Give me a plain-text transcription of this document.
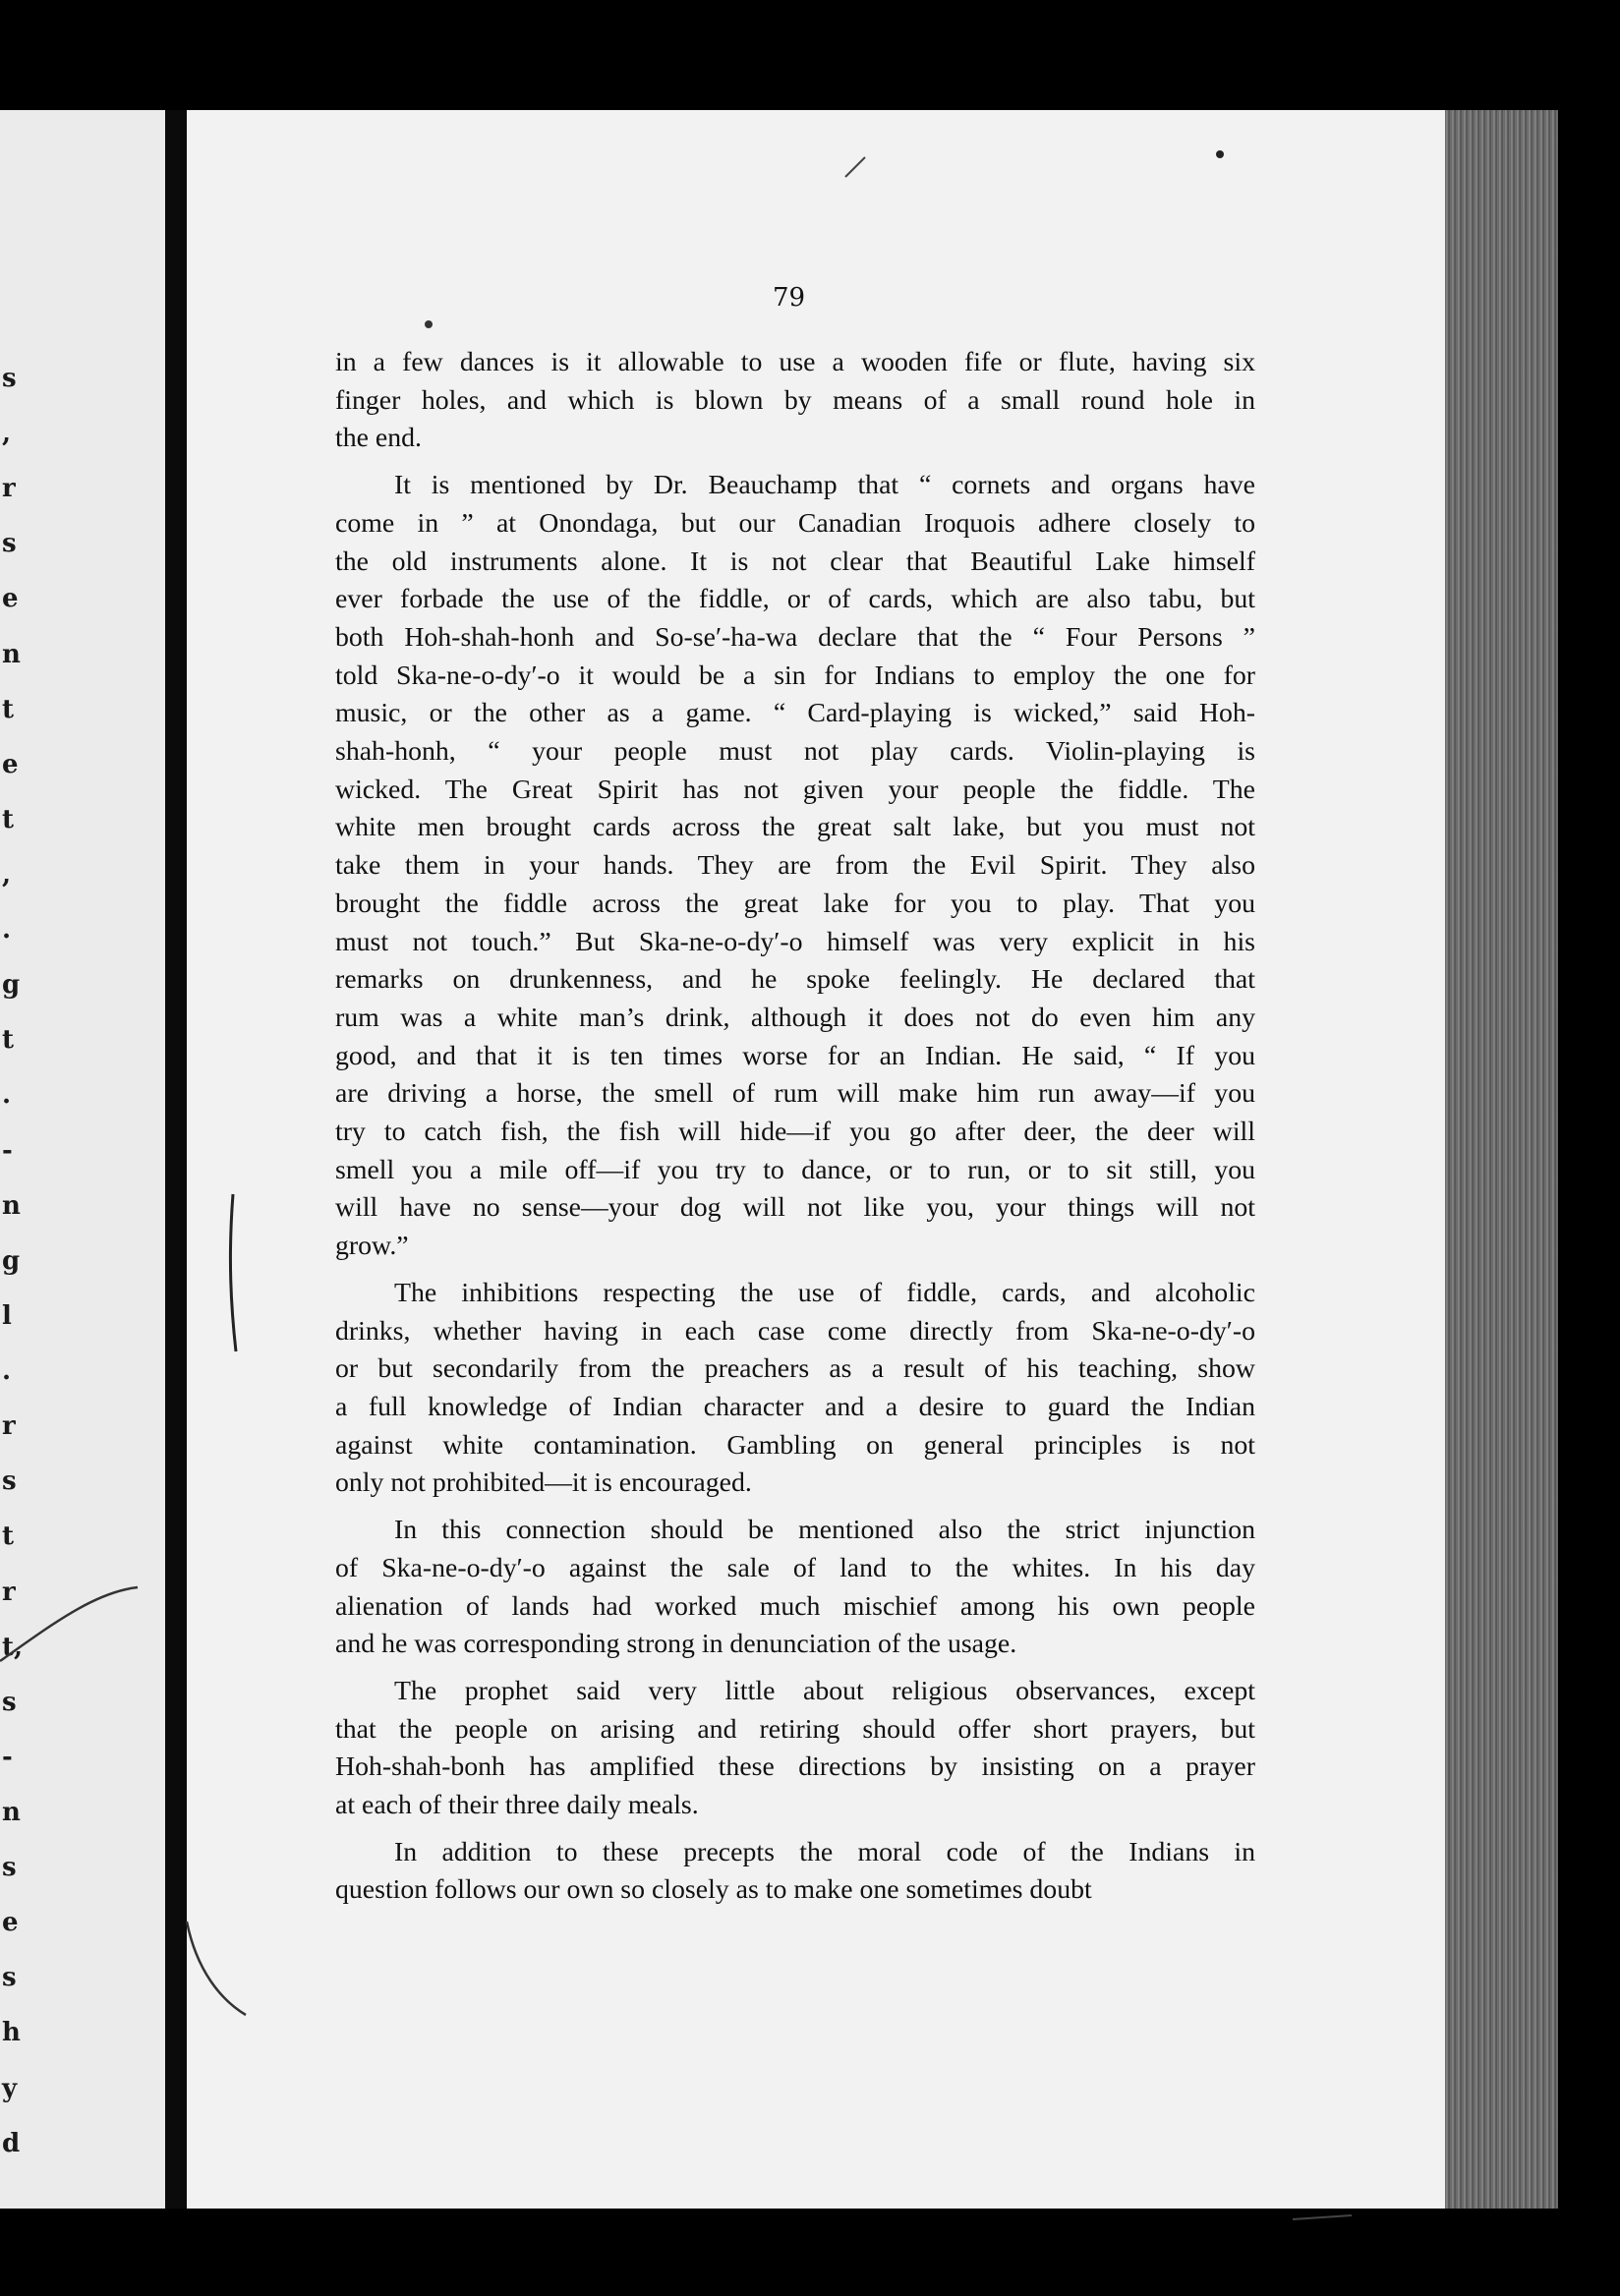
s
,
r
s
e
n
t
e
t
,
.
g
t
.
-
n
g
l
.
r
s
t
r
t,
s
-
n
s
e
s
h
y
d
79
in a few dances is it allowable to use a wooden fife or flute, having six
finger holes, and which is blown by means of a small round hole in
the end.
It is mentioned by Dr. Beauchamp that “ cornets and organs have
come in ” at Onondaga, but our Canadian Iroquois adhere closely to
the old instruments alone. It is not clear that Beautiful Lake himself
ever forbade the use of the fiddle, or of cards, which are also tabu, but
both Hoh-shah-honh and So-se′-ha-wa declare that the “ Four Persons ”
told Ska-ne-o-dy′-o it would be a sin for Indians to employ the one for
music, or the other as a game. “ Card-playing is wicked,” said Hoh-
shah-honh, “ your people must not play cards. Violin-playing is
wicked. The Great Spirit has not given your people the fiddle. The
white men brought cards across the great salt lake, but you must not
take them in your hands. They are from the Evil Spirit. They also
brought the fiddle across the great lake for you to play. That you
must not touch.” But Ska-ne-o-dy′-o himself was very explicit in his
remarks on drunkenness, and he spoke feelingly. He declared that
rum was a white man’s drink, although it does not do even him any
good, and that it is ten times worse for an Indian. He said, “ If you
are driving a horse, the smell of rum will make him run away—if you
try to catch fish, the fish will hide—if you go after deer, the deer will
smell you a mile off—if you try to dance, or to run, or to sit still, you
will have no sense—your dog will not like you, your things will not
grow.”
The inhibitions respecting the use of fiddle, cards, and alcoholic
drinks, whether having in each case come directly from Ska-ne-o-dy′-o
or but secondarily from the preachers as a result of his teaching, show
a full knowledge of Indian character and a desire to guard the Indian
against white contamination. Gambling on general principles is not
only not prohibited—it is encouraged.
In this connection should be mentioned also the strict injunction
of Ska-ne-o-dy′-o against the sale of land to the whites. In his day
alienation of lands had worked much mischief among his own people
and he was corresponding strong in denunciation of the usage.
The prophet said very little about religious observances, except
that the people on arising and retiring should offer short prayers, but
Hoh-shah-bonh has amplified these directions by insisting on a prayer
at each of their three daily meals.
In addition to these precepts the moral code of the Indians in
question follows our own so closely as to make one sometimes doubt
